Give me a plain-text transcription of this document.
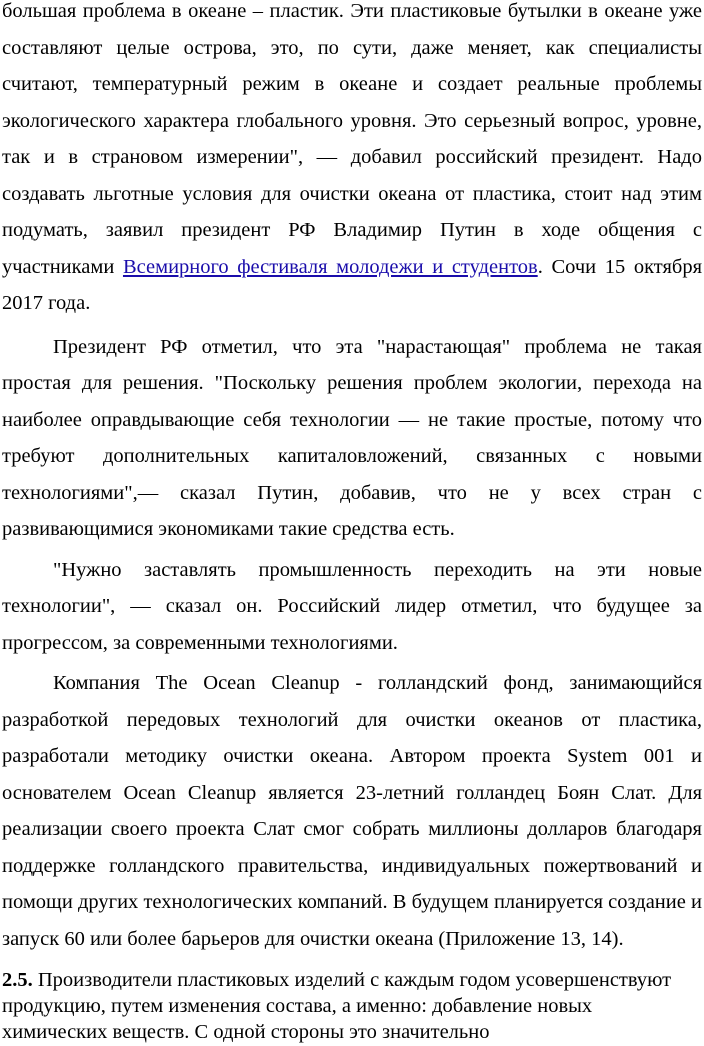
большая проблема в океане – пластик. Эти пластиковые бутылки в океане уже составляют целые острова, это, по сути, даже меняет, как специалисты считают, температурный режим в океане и создает реальные проблемы экологического характера глобального уровня. Это серьезный вопрос, уровне, так и в страновом измерении", — добавил российский президент. Надо создавать льготные условия для очистки океана от пластика, стоит над этим подумать, заявил президент РФ Владимир Путин в ходе общения с участниками Всемирного фестиваля молодежи и студентов. Сочи 15 октября 2017 года.

Президент РФ отметил, что эта "нарастающая" проблема не такая простая для решения. "Поскольку решения проблем экологии, перехода на наиболее оправдывающие себя технологии — не такие простые, потому что требуют дополнительных капиталовложений, связанных с новыми технологиями",— сказал Путин, добавив, что не у всех стран с развивающимися экономиками такие средства есть.

"Нужно заставлять промышленность переходить на эти новые технологии", — сказал он. Российский лидер отметил, что будущее за прогрессом, за современными технологиями.

Компания The Ocean Cleanup - голландский фонд, занимающийся разработкой передовых технологий для очистки океанов от пластика, разработали методику очистки океана. Автором проекта System 001 и основателем Ocean Cleanup является 23-летний голландец Боян Слат. Для реализации своего проекта Слат смог собрать миллионы долларов благодаря поддержке голландского правительства, индивидуальных пожертвований и помощи других технологических компаний. В будущем планируется создание и запуск 60 или более барьеров для очистки океана (Приложение 13, 14).

2.5. Производители пластиковых изделий с каждым годом усовершенствуют продукцию, путем изменения состава, а именно: добавление новых химических веществ. С одной стороны это значительно
